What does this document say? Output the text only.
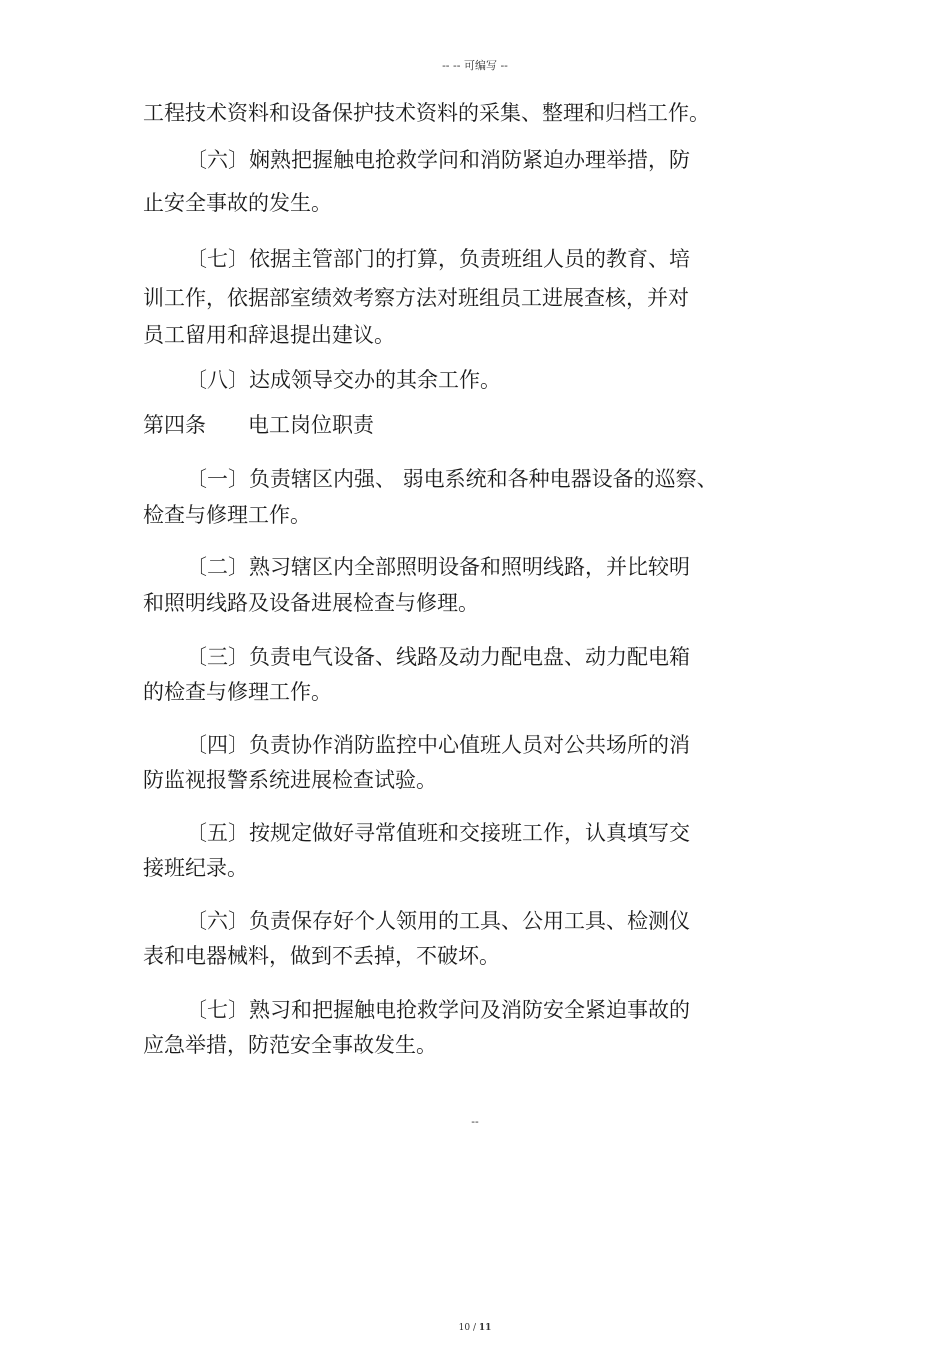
-- -- 可编写 --
工程技术资料和设备保护技术资料的采集、整理和归档工作。
〔六〕娴熟把握触电抢救学问和消防紧迫办理举措，防
止安全事故的发生。
〔七〕依据主管部门的打算，负责班组人员的教育、培
训工作，依据部室绩效考察方法对班组员工进展查核，并对
员工留用和辞退提出建议。
〔八〕达成领导交办的其余工作。
第四条　　电工岗位职责
〔一〕负责辖区内强、 弱电系统和各种电器设备的巡察、
检查与修理工作。
〔二〕熟习辖区内全部照明设备和照明线路，并比较明
和照明线路及设备进展检查与修理。
〔三〕负责电气设备、线路及动力配电盘、动力配电箱
的检查与修理工作。
〔四〕负责协作消防监控中心值班人员对公共场所的消
防监视报警系统进展检查试验。
〔五〕按规定做好寻常值班和交接班工作，认真填写交
接班纪录。
〔六〕负责保存好个人领用的工具、公用工具、检测仪
表和电器械料，做到不丢掉，不破坏。
〔七〕熟习和把握触电抢救学问及消防安全紧迫事故的
应急举措，防范安全事故发生。
--
10 / 11
